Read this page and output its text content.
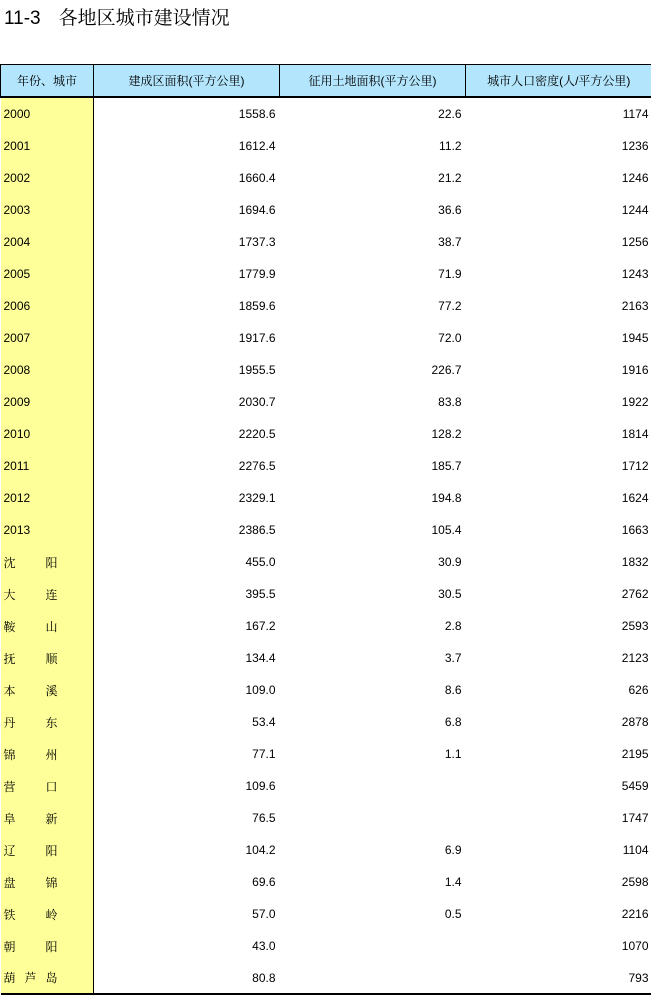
11-3 各地区城市建设情况
年份、城市	建成区面积(平方公里)	征用土地面积(平方公里)	城市人口密度(人/平方公里)
2000	1558.6	22.6	1174
2001	1612.4	11.2	1236
2002	1660.4	21.2	1246
2003	1694.6	36.6	1244
2004	1737.3	38.7	1256
2005	1779.9	71.9	1243
2006	1859.6	77.2	2163
2007	1917.6	72.0	1945
2008	1955.5	226.7	1916
2009	2030.7	83.8	1922
2010	2220.5	128.2	1814
2011	2276.5	185.7	1712
2012	2329.1	194.8	1624
2013	2386.5	105.4	1663

沈 阳	455.0	30.9	1832

大 连	395.5	30.5	2762

鞍 山	167.2	2.8	2593

抚 顺	134.4	3.7	2123

本 溪	109.0	8.6	626

丹 东	53.4	6.8	2878

锦 州	77.1	1.1	2195

营 口	109.6		5459

阜 新	76.5		1747

辽 阳	104.2	6.9	1104

盘 锦	69.6	1.4	2598

铁 岭	57.0	0.5	2216

朝 阳	43.0		1070

葫 芦 岛	80.8		793
